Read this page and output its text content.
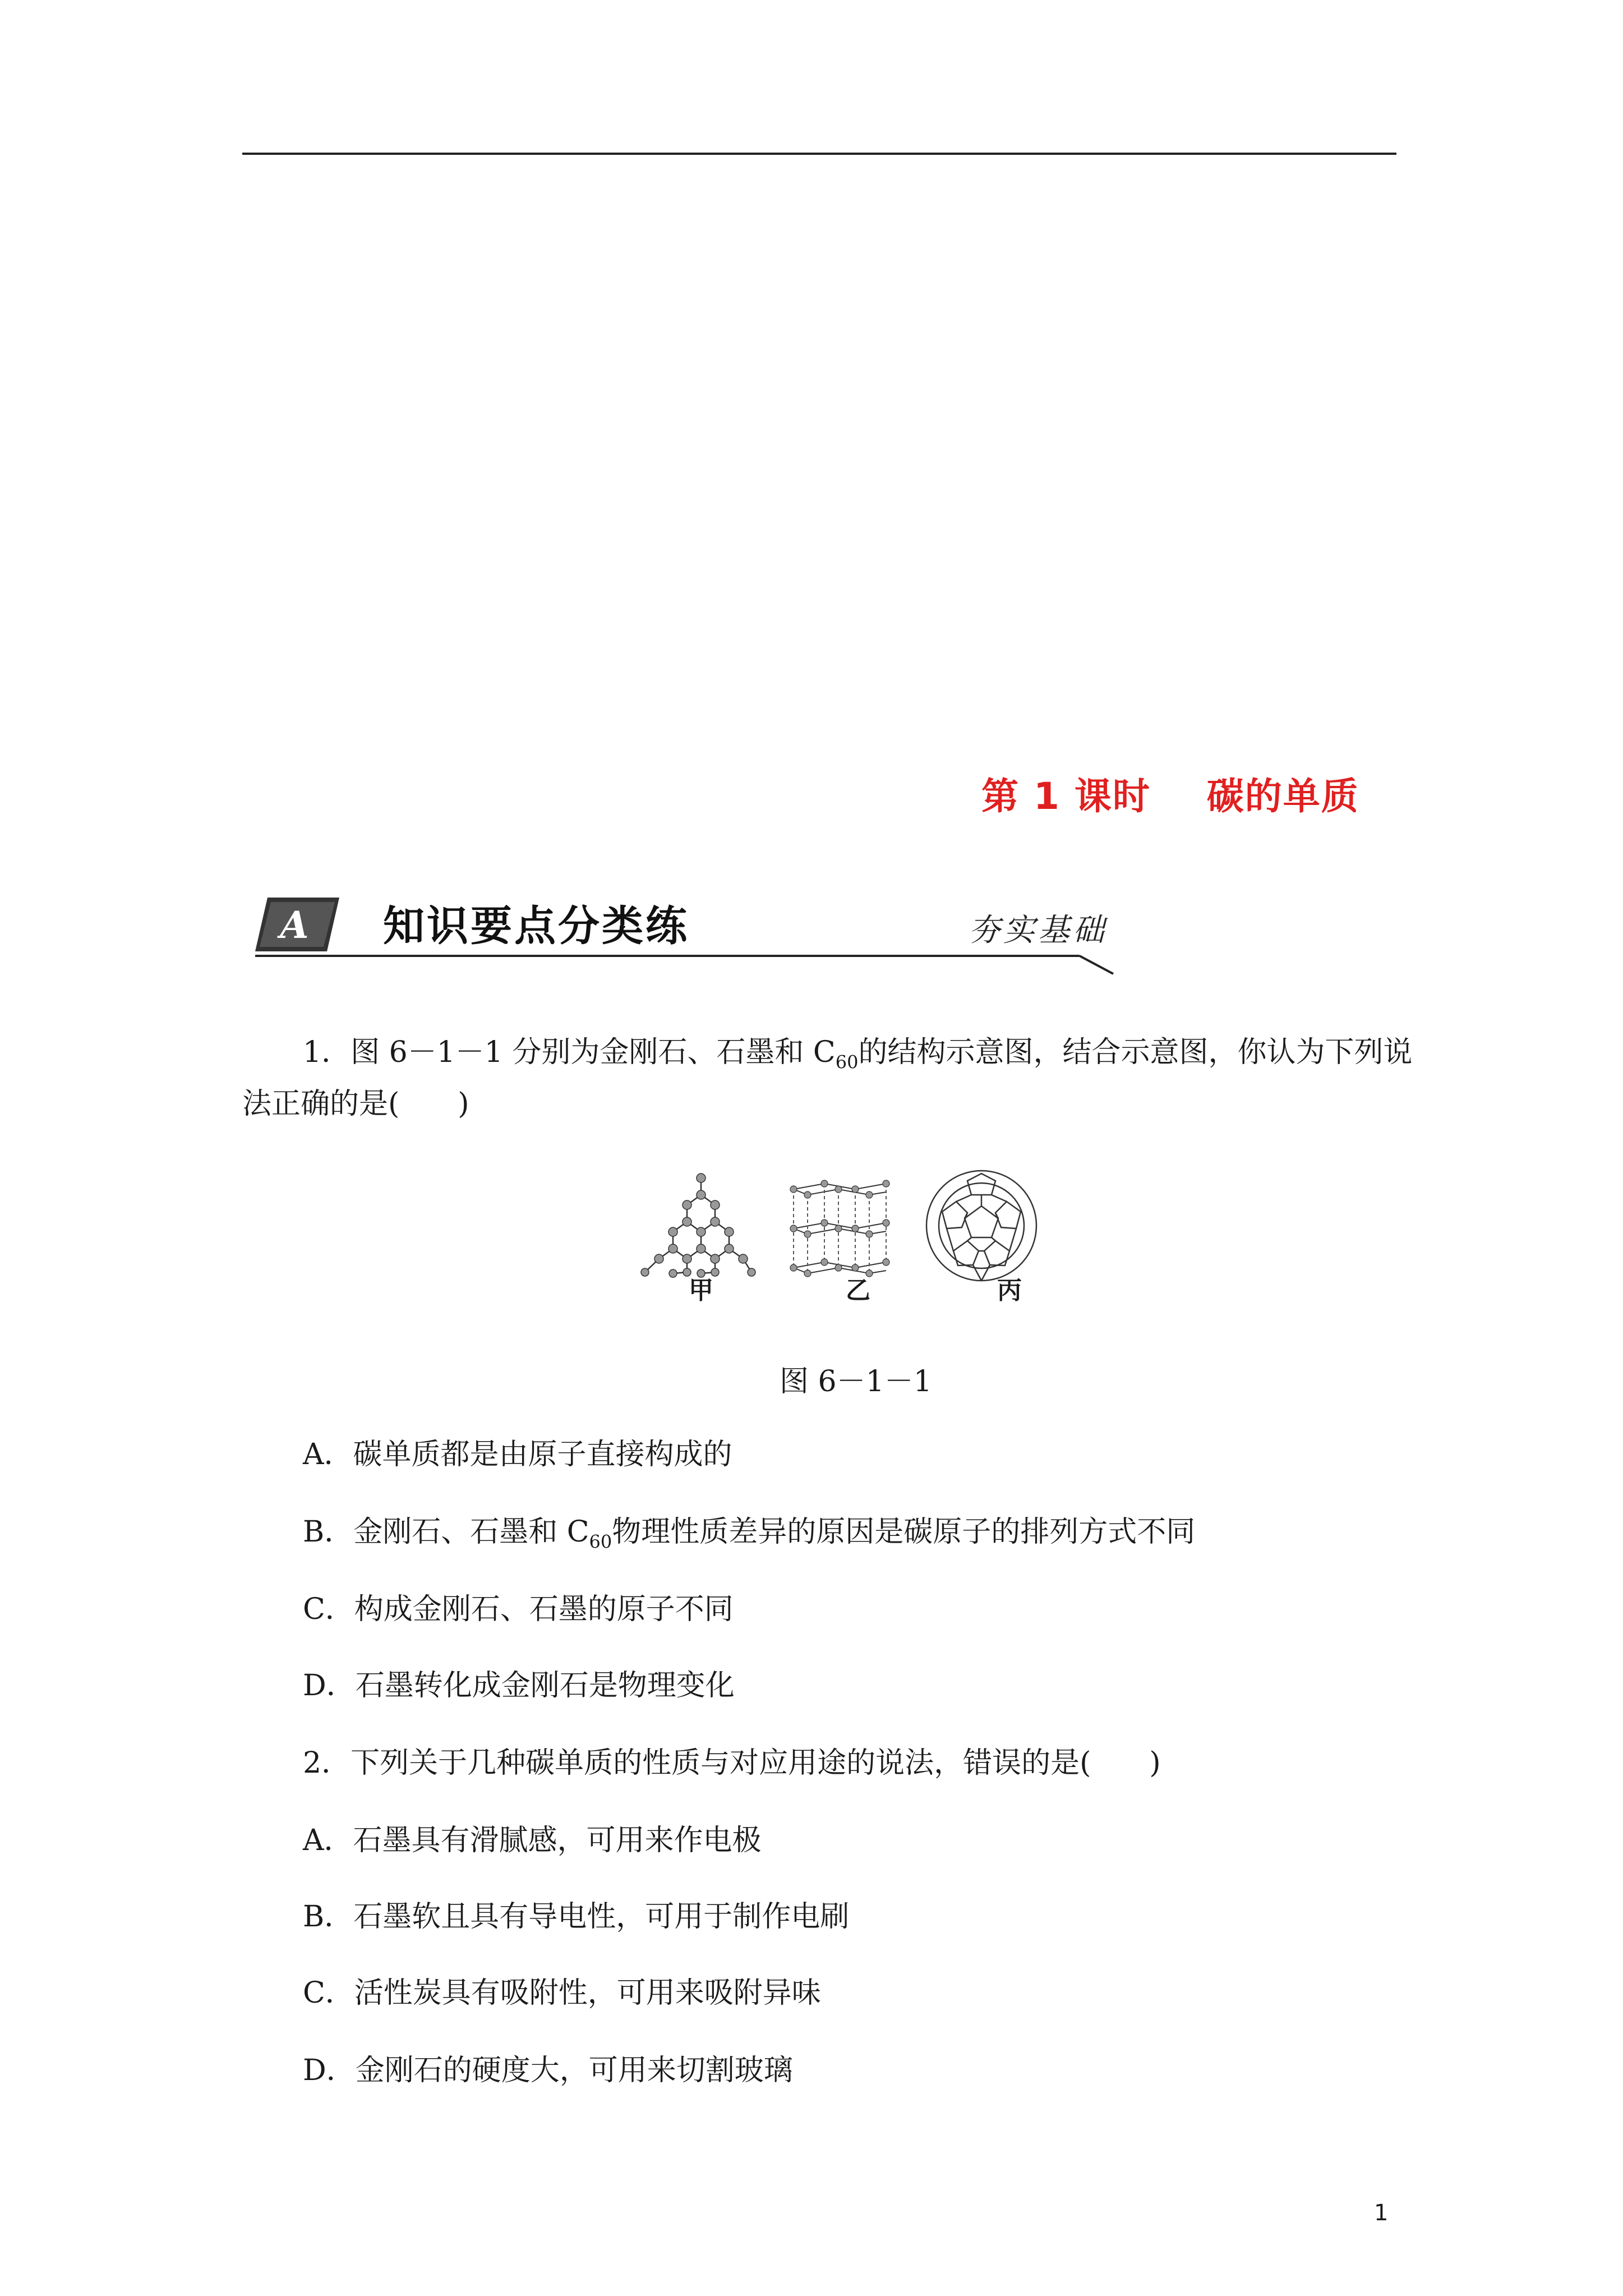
第 1 课时    碳的单质
A 知识要点分类练	夯实基础
1．图 6－1－1 分别为金刚石、石墨和 $C_{60}$的结构示意图，结合示意图，你认为下列说
法正确的是(　　)
甲	乙	丙
图 6－1－1
A．碳单质都是由原子直接构成的
B．金刚石、石墨和 $C_{60}$物理性质差异的原因是碳原子的排列方式不同
C．构成金刚石、石墨的原子不同
D．石墨转化成金刚石是物理变化
2．下列关于几种碳单质的性质与对应用途的说法，错误的是(　　)
A．石墨具有滑腻感，可用来作电极
B．石墨软且具有导电性，可用于制作电刷
C．活性炭具有吸附性，可用来吸附异味
D．金刚石的硬度大，可用来切割玻璃
1
